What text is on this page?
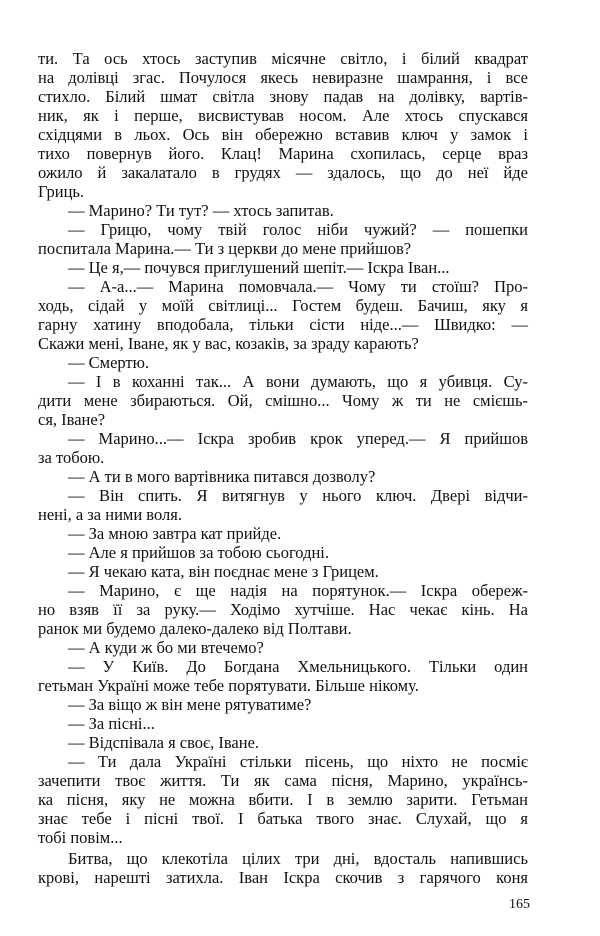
ти. Та ось хтось заступив місячне світло, і білий квадрат
на долівці згас. Почулося якесь невиразне шамрання, і все
стихло. Білий шмат світла знову падав на долівку, вартів-
ник, як і перше, висвистував носом. Але хтось спускався
східцями в льох. Ось він обережно вставив ключ у замок і
тихо повернув його. Клац! Марина схопилась, серце враз
ожило й закалатало в грудях — здалось, що до неї йде
Гриць.
— Марино? Ти тут? — хтось запитав.
— Грицю, чому твій голос ніби чужий? — пошепки
поспитала Марина.— Ти з церкви до мене прийшов?
— Це я,— почувся приглушений шепіт.— Іскра Іван...
— А-а...— Марина помовчала.— Чому ти стоїш? Про-
ходь, сідай у моїй світлиці... Гостем будеш. Бачиш, яку я
гарну хатину вподобала, тільки сісти ніде...— Швидко: —
Скажи мені, Іване, як у вас, козаків, за зраду карають?
— Смертю.
— І в коханні так... А вони думають, що я убивця. Су-
дити мене збираються. Ой, смішно... Чому ж ти не смієшь-
ся, Іване?
— Марино...— Іскра зробив крок уперед.— Я прийшов
за тобою.
— А ти в мого вартівника питався дозволу?
— Він спить. Я витягнув у нього ключ. Двері відчи-
нені, а за ними воля.
— За мною завтра кат прийде.
— Але я прийшов за тобою сьогодні.
— Я чекаю ката, він поєднає мене з Грицем.
— Марино, є ще надія на порятунок.— Іскра обереж-
но взяв її за руку.— Ходімо хутчіше. Нас чекає кінь. На
ранок ми будемо далеко-далеко від Полтави.
— А куди ж бо ми втечемо?
— У Київ. До Богдана Хмельницького. Тільки один
гетьман Україні може тебе порятувати. Більше нікому.
— За віщо ж він мене рятуватиме?
— За пісні...
— Відспівала я своє, Іване.
— Ти дала Україні стільки пісень, що ніхто не посміє
зачепити твоє життя. Ти як сама пісня, Марино, українсь-
ка пісня, яку не можна вбити. І в землю зарити. Гетьман
знає тебе і пісні твої. І батька твого знає. Слухай, що я
тобі повім...
Битва, що клекотіла цілих три дні, вдосталь напившись
крові, нарешті затихла. Іван Іскра скочив з гарячого коня
165
